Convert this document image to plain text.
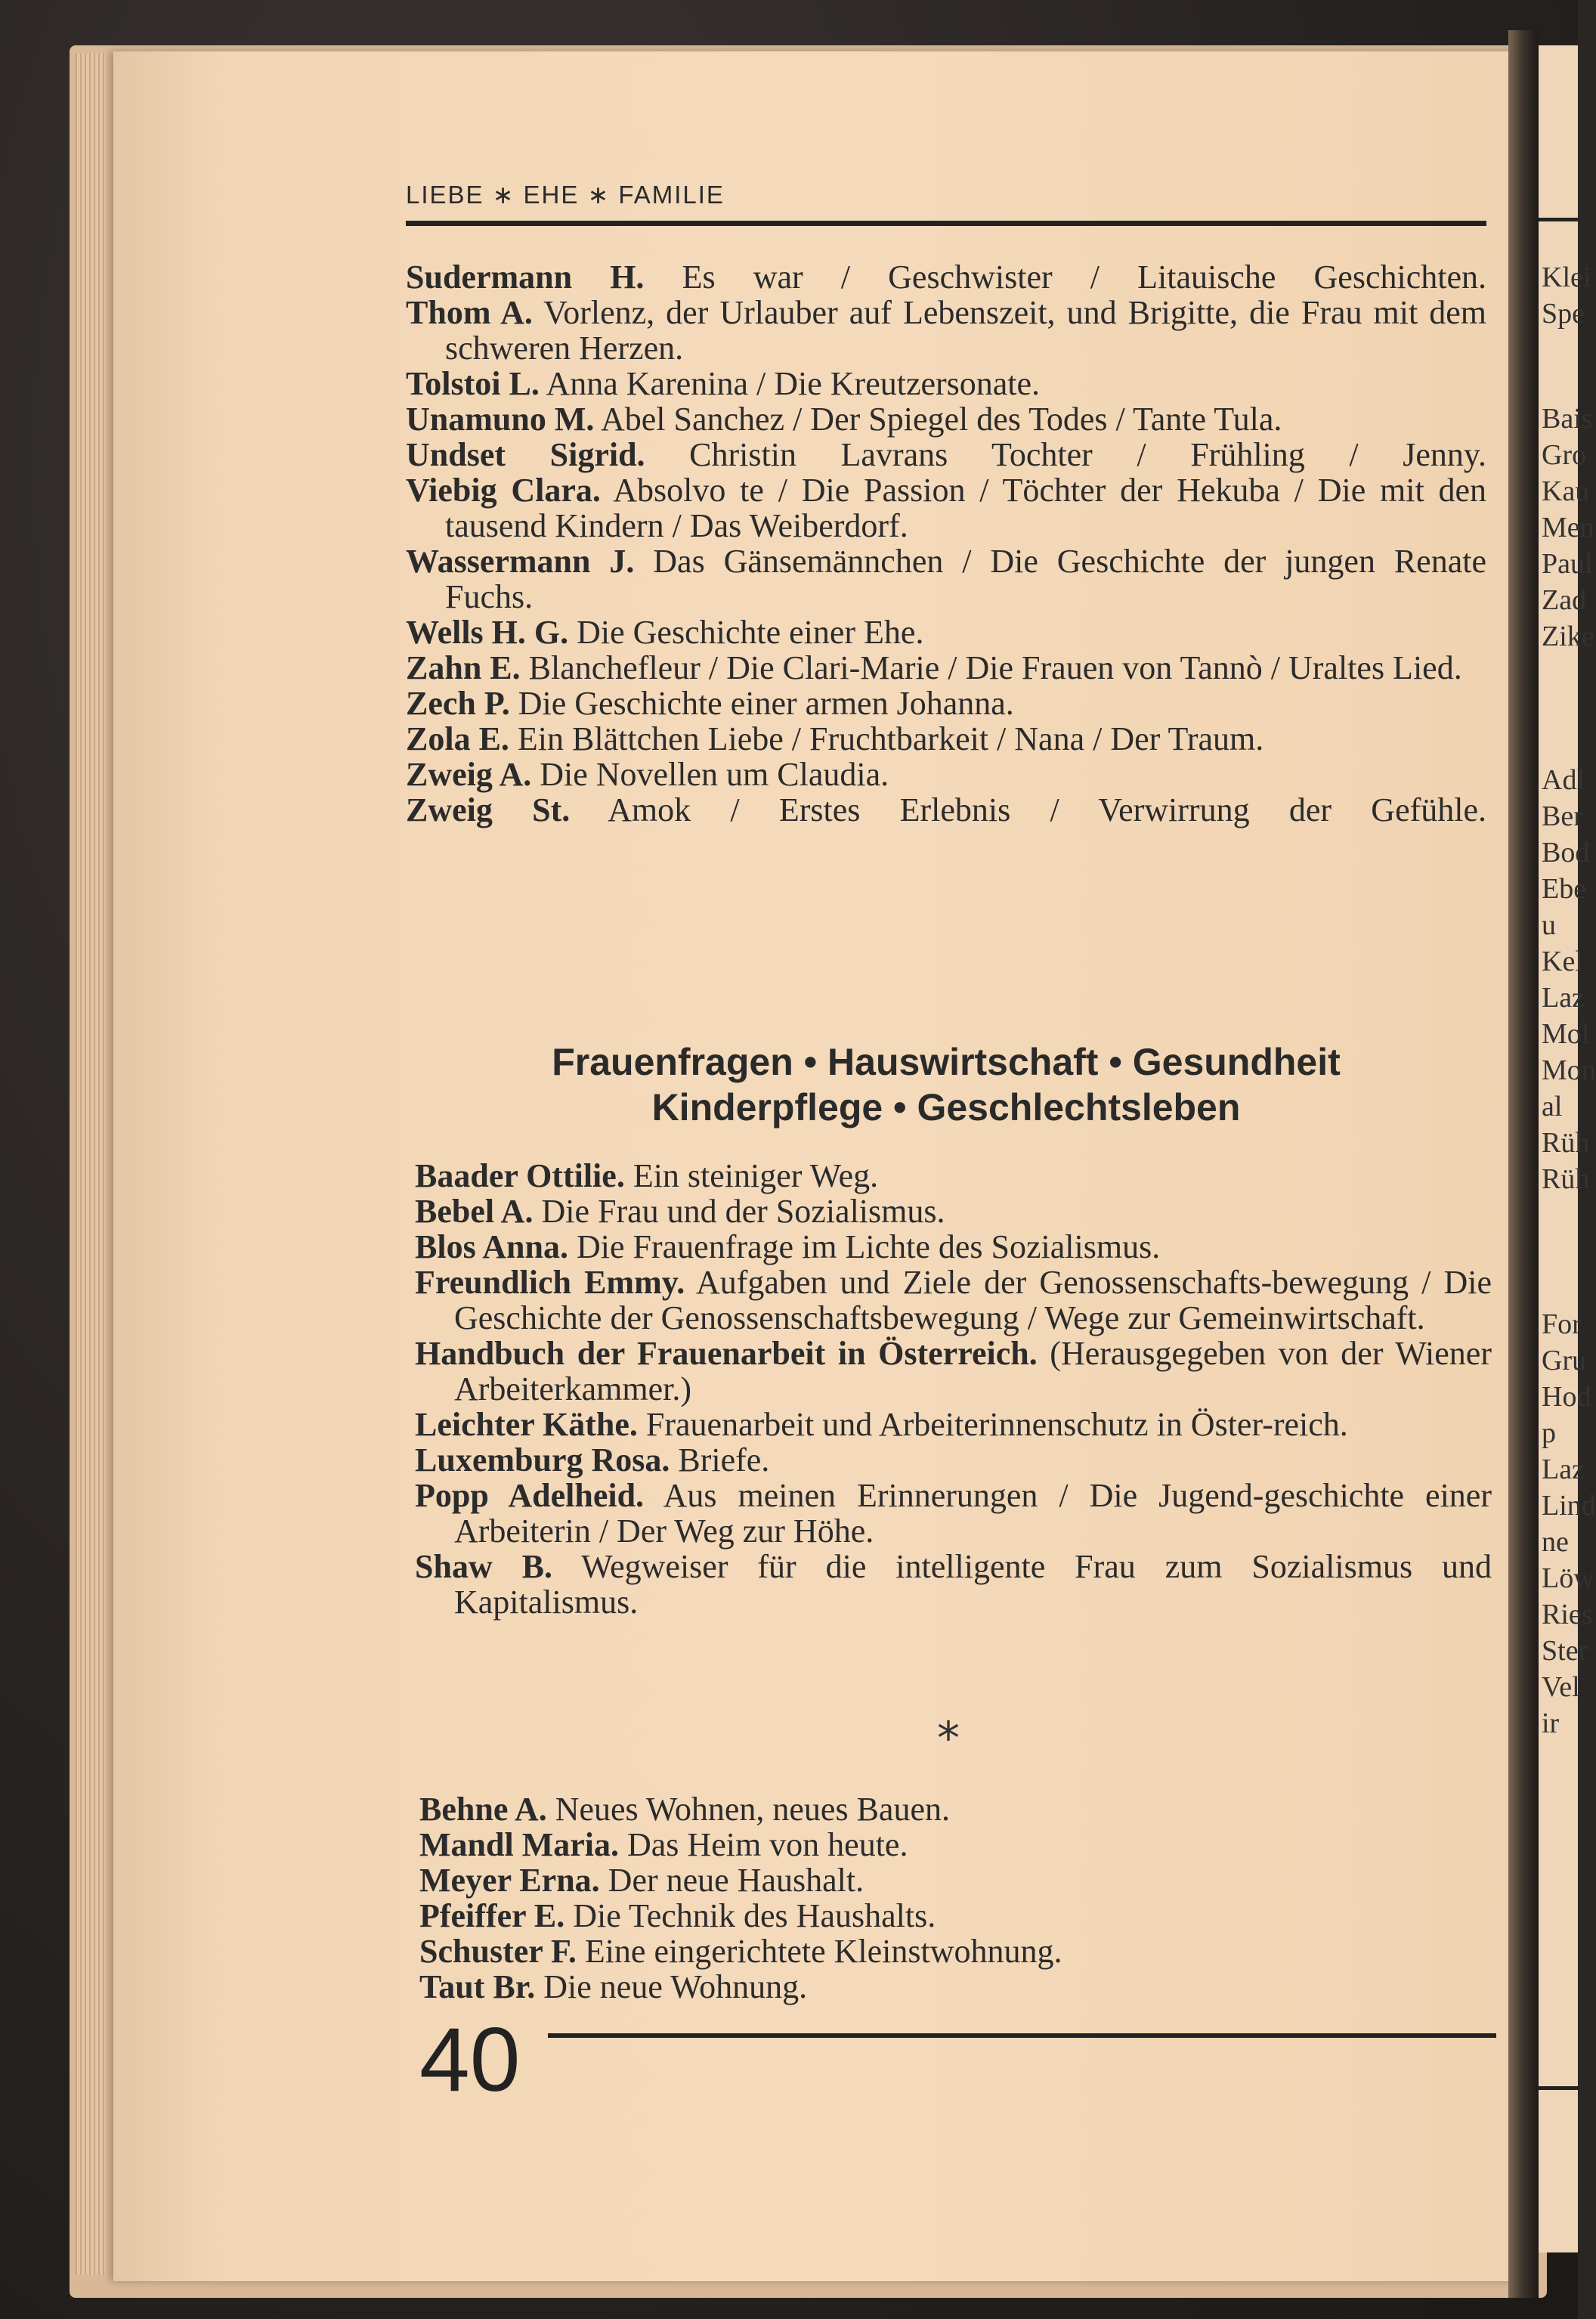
Klei
Spe
Bais
Gro
Kau
Men
Paul
Zad
Zike
Adl
Ber
Bod
Ebe
u
Kel
Laz
Mol
Mon
al
Rüh
Rüh
For
Gru
Hod
p
Laz
Lind
ne
Löw
Ries
Ster
Vel
ir
LIEBE ∗ EHE ∗ FAMILIE
Sudermann H. Es war / Geschwister / Litauische Geschichten.
Thom A. Vorlenz, der Urlauber auf Lebenszeit, und Brigitte, die Frau mit dem schweren Herzen.
Tolstoi L. Anna Karenina / Die Kreutzersonate.
Unamuno M. Abel Sanchez / Der Spiegel des Todes / Tante Tula.
Undset Sigrid. Christin Lavrans Tochter / Frühling / Jenny.
Viebig Clara. Absolvo te / Die Passion / Töchter der Hekuba / Die mit den tausend Kindern / Das Weiberdorf.
Wassermann J. Das Gänsemännchen / Die Geschichte der jungen Renate Fuchs.
Wells H. G. Die Geschichte einer Ehe.
Zahn E. Blanchefleur / Die Clari-Marie / Die Frauen von Tannò / Uraltes Lied.
Zech P. Die Geschichte einer armen Johanna.
Zola E. Ein Blättchen Liebe / Fruchtbarkeit / Nana / Der Traum.
Zweig A. Die Novellen um Claudia.
Zweig St. Amok / Erstes Erlebnis / Verwirrung der Gefühle.
Frauenfragen • Hauswirtschaft • Gesundheit
Kinderpflege • Geschlechtsleben
Baader Ottilie. Ein steiniger Weg.
Bebel A. Die Frau und der Sozialismus.
Blos Anna. Die Frauenfrage im Lichte des Sozialismus.
Freundlich Emmy. Aufgaben und Ziele der Genossenschafts-bewegung / Die Geschichte der Genossenschaftsbewegung / Wege zur Gemeinwirtschaft.
Handbuch der Frauenarbeit in Österreich. (Herausgegeben von der Wiener Arbeiterkammer.)
Leichter Käthe. Frauenarbeit und Arbeiterinnenschutz in Öster-reich.
Luxemburg Rosa. Briefe.
Popp Adelheid. Aus meinen Erinnerungen / Die Jugend-geschichte einer Arbeiterin / Der Weg zur Höhe.
Shaw B. Wegweiser für die intelligente Frau zum Sozialismus und Kapitalismus.
*
Behne A. Neues Wohnen, neues Bauen.
Mandl Maria. Das Heim von heute.
Meyer Erna. Der neue Haushalt.
Pfeiffer E. Die Technik des Haushalts.
Schuster F. Eine eingerichtete Kleinstwohnung.
Taut Br. Die neue Wohnung.
40
